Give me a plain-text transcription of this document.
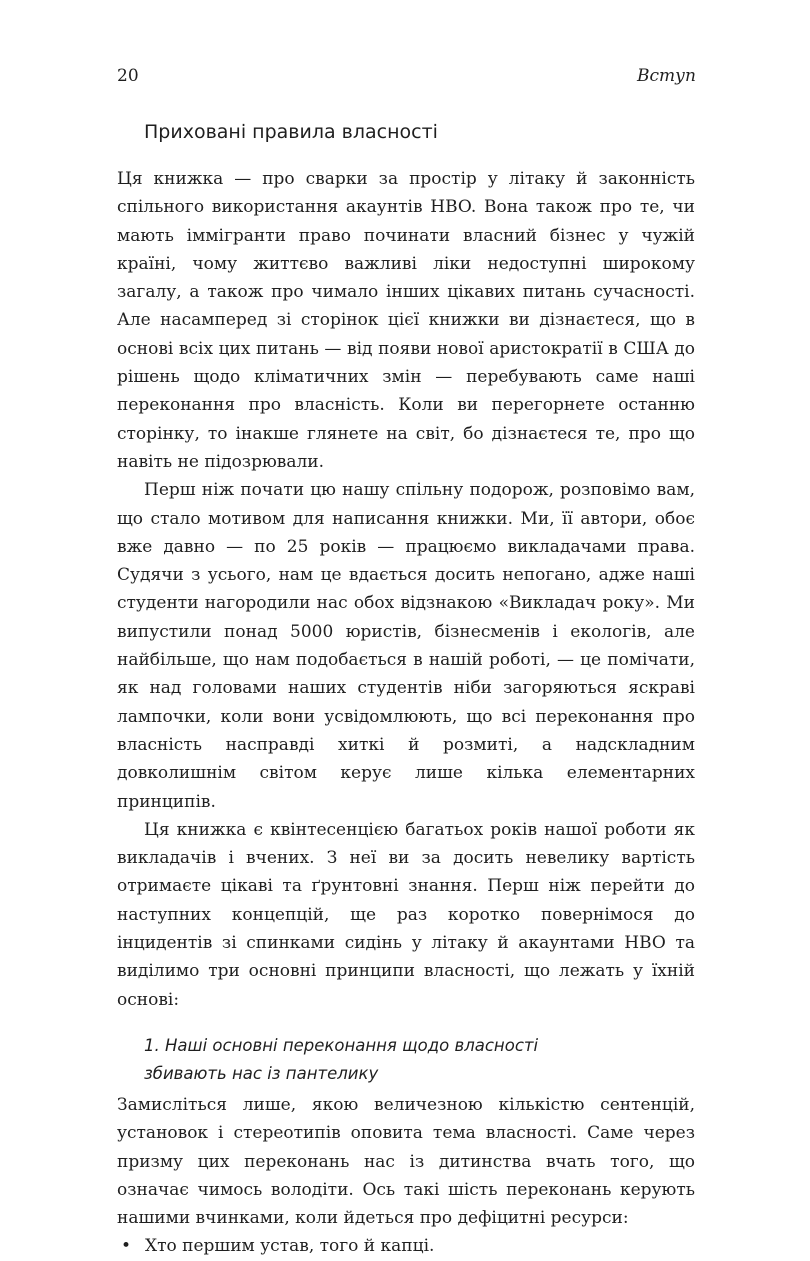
20	Вступ
Приховані правила власності

Ця книжка — про сварки за простір у літаку й законність спільного використання акаунтів HBO. Вона також про те, чи мають іммігранти право починати власний бізнес у чужій країні, чому життєво важливі ліки недоступні широкому загалу, а також про чимало інших цікавих питань сучасності. Але насамперед зі сторінок цієї книжки ви дізнаєтеся, що в основі всіх цих питань — від появи нової аристократії в США до рішень щодо кліматичних змін — перебувають саме наші переконання про власність. Коли ви перегорнете останню сторінку, то інакше глянете на світ, бо дізнаєтеся те, про що навіть не підозрювали.

Перш ніж почати цю нашу спільну подорож, розповімо вам, що стало мотивом для написання книжки. Ми, її автори, обоє вже давно — по 25 років — працюємо викладачами права. Судячи з усього, нам це вдається досить непогано, адже наші студенти нагородили нас обох відзнакою «Викладач року». Ми випустили понад 5000 юристів, бізнесменів і екологів, але найбільше, що нам подобається в нашій роботі, — це помічати, як над головами наших студентів ніби загоряються яскраві лампочки, коли вони усвідомлюють, що всі переконання про власність насправді хиткі й розмиті, а надскладним довколишнім світом керує лише кілька елементарних принципів.

Ця книжка є квінтесенцією багатьох років нашої роботи як викладачів і вчених. З неї ви за досить невелику вартість отримаєте цікаві та ґрунтовні знання. Перш ніж перейти до наступних концепцій, ще раз коротко повернімося до інцидентів зі спинками сидінь у літаку й акаунтами HBO та виділимо три основні принципи власності, що лежать у їхній основі:

1. Наші основні переконання щодо власності
збивають нас із пантелику

Замисліться лише, якою величезною кількістю сентенцій, установок і стереотипів оповита тема власності. Саме через призму цих переконань нас із дитинства вчать того, що означає чимось володіти. Ось такі шість переконань керують нашими вчинками, коли йдеться про дефіцитні ресурси:

• Хто першим устав, того й капці.
